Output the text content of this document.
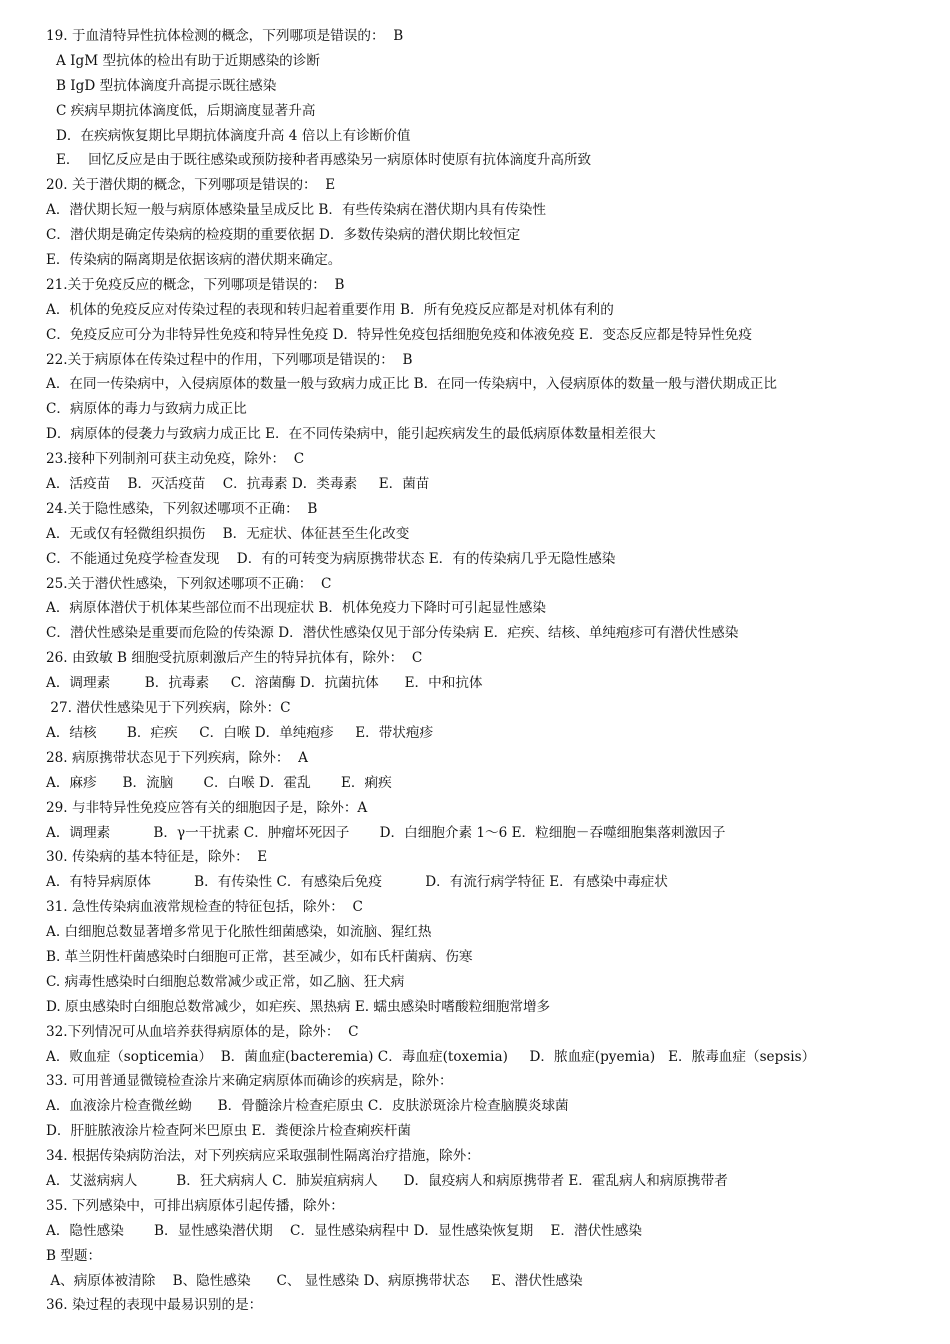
19. 于血清特异性抗体检测的概念，下列哪项是错误的：  B
A IgM 型抗体的检出有助于近期感染的诊断
B IgD 型抗体滴度升高提示既往感染
C 疾病早期抗体滴度低，后期滴度显著升高
D．在疾病恢复期比早期抗体滴度升高 4 倍以上有诊断价值
E．  回忆反应是由于既往感染或预防接种者再感染另一病原体时使原有抗体滴度升高所致
20. 关于潜伏期的概念，下列哪项是错误的：  E
A．潜伏期长短一般与病原体感染量呈成反比 B．有些传染病在潜伏期内具有传染性
C．潜伏期是确定传染病的检疫期的重要依据 D．多数传染病的潜伏期比较恒定
E．传染病的隔离期是依据该病的潜伏期来确定。
21.关于免疫反应的概念，下列哪项是错误的：  B
A．机体的免疫反应对传染过程的表现和转归起着重要作用 B．所有免疫反应都是对机体有利的
C．免疫反应可分为非特异性免疫和特异性免疫 D．特异性免疫包括细胞免疫和体液免疫 E．变态反应都是特异性免疫
22.关于病原体在传染过程中的作用，下列哪项是错误的：  B
A．在同一传染病中，入侵病原体的数量一般与致病力成正比 B．在同一传染病中，入侵病原体的数量一般与潜伏期成正比
C．病原体的毒力与致病力成正比
D．病原体的侵袭力与致病力成正比 E．在不同传染病中，能引起疾病发生的最低病原体数量相差很大
23.接种下列制剂可获主动免疫，除外：  C
A．活疫苗    B．灭活疫苗    C．抗毒素 D．类毒素     E．菌苗
24.关于隐性感染，下列叙述哪项不正确：  B
A．无或仅有轻微组织损伤    B．无症状、体征甚至生化改变
C．不能通过免疫学检查发现    D．有的可转变为病原携带状态 E．有的传染病几乎无隐性感染
25.关于潜伏性感染，下列叙述哪项不正确：  C
A．病原体潜伏于机体某些部位而不出现症状 B．机体免疫力下降时可引起显性感染
C．潜伏性感染是重要而危险的传染源 D．潜伏性感染仅见于部分传染病 E．疟疾、结核、单纯疱疹可有潜伏性感染
26. 由致敏 B 细胞受抗原刺激后产生的特异抗体有，除外：  C
A．调理素        B．抗毒素     C．溶菌酶 D．抗菌抗体      E．中和抗体
27. 潜伏性感染见于下列疾病，除外：C
A．结核       B．疟疾     C．白喉 D．单纯疱疹     E．带状疱疹
28. 病原携带状态见于下列疾病，除外：  A
A．麻疹      B．流脑       C．白喉 D．霍乱       E．痢疾
29. 与非特异性免疫应答有关的细胞因子是，除外：A
A．调理素          B．γ一干扰素 C．肿瘤坏死因子       D．白细胞介素 1～6 E．粒细胞－吞噬细胞集落刺激因子
30. 传染病的基本特征是，除外：  E
A．有特异病原体          B．有传染性 C．有感染后免疫          D．有流行病学特征 E．有感染中毒症状
31. 急性传染病血液常规检查的特征包括，除外：  C
A. 白细胞总数显著增多常见于化脓性细菌感染，如流脑、猩红热
B. 革兰阴性杆菌感染时白细胞可正常，甚至减少，如布氏杆菌病、伤寒
C. 病毒性感染时白细胞总数常减少或正常，如乙脑、狂犬病
D. 原虫感染时白细胞总数常减少，如疟疾、黑热病 E. 蠕虫感染时嗜酸粒细胞常增多
32.下列情况可从血培养获得病原体的是，除外：  C
A．败血症（sopticemia）  B．菌血症(bacteremia) C．毒血症(toxemia)     D．脓血症(pyemia)   E．脓毒血症（sepsis）
33. 可用普通显微镜检查涂片来确定病原体而确诊的疾病是，除外：
A．血液涂片检查微丝蚴      B．骨髓涂片检查疟原虫 C．皮肤淤斑涂片检查脑膜炎球菌
D．肝脏脓液涂片检查阿米巴原虫 E．粪便涂片检查痢疾杆菌
34. 根据传染病防治法，对下列疾病应采取强制性隔离治疗措施，除外：
A．艾滋病病人         B．狂犬病病人 C．肺炭疽病病人      D．鼠疫病人和病原携带者 E．霍乱病人和病原携带者
35. 下列感染中，可排出病原体引起传播，除外：
A．隐性感染       B．显性感染潜伏期    C．显性感染病程中 D．显性感染恢复期    E．潜伏性感染
B 型题：
A、病原体被清除    B、隐性感染      C、 显性感染 D、病原携带状态     E、潜伏性感染
36. 染过程的表现中最易识别的是：
